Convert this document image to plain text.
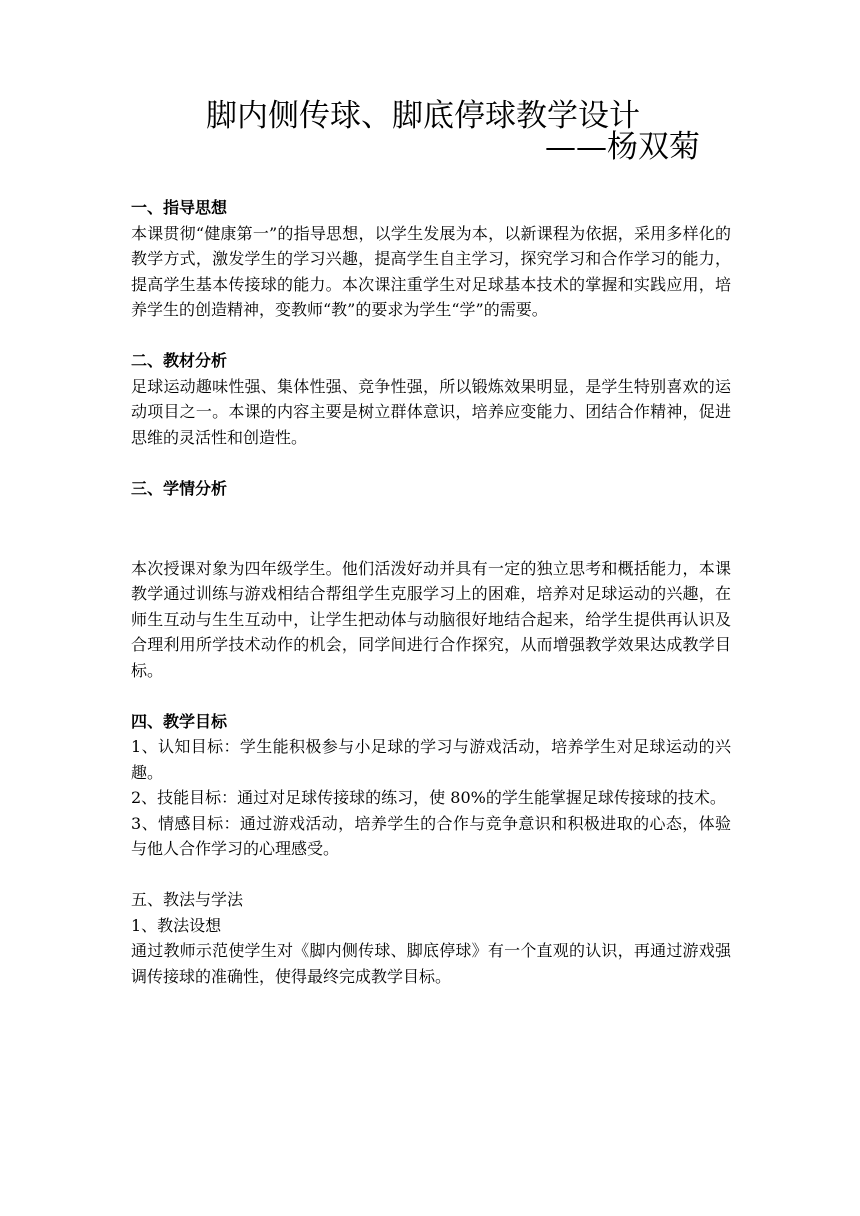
脚内侧传球、脚底停球教学设计
——杨双菊

一、指导思想

本课贯彻“健康第一”的指导思想，以学生发展为本，以新课程为依据，采用多样化的教学方式，激发学生的学习兴趣，提高学生自主学习，探究学习和合作学习的能力，提高学生基本传接球的能力。本次课注重学生对足球基本技术的掌握和实践应用，培养学生的创造精神，变教师“教”的要求为学生“学”的需要。

二、教材分析

足球运动趣味性强、集体性强、竞争性强，所以锻炼效果明显，是学生特别喜欢的运动项目之一。本课的内容主要是树立群体意识，培养应变能力、团结合作精神，促进思维的灵活性和创造性。

三、学情分析

本次授课对象为四年级学生。他们活泼好动并具有一定的独立思考和概括能力，本课教学通过训练与游戏相结合帮组学生克服学习上的困难，培养对足球运动的兴趣，在师生互动与生生互动中，让学生把动体与动脑很好地结合起来，给学生提供再认识及合理利用所学技术动作的机会，同学间进行合作探究，从而增强教学效果达成教学目标。

四、教学目标

1、认知目标：学生能积极参与小足球的学习与游戏活动，培养学生对足球运动的兴趣。

2、技能目标：通过对足球传接球的练习，使 80%的学生能掌握足球传接球的技术。

3、情感目标：通过游戏活动，培养学生的合作与竞争意识和积极进取的心态，体验与他人合作学习的心理感受。

五、教法与学法

1、教法设想

通过教师示范使学生对《脚内侧传球、脚底停球》有一个直观的认识，再通过游戏强调传接球的准确性，使得最终完成教学目标。
